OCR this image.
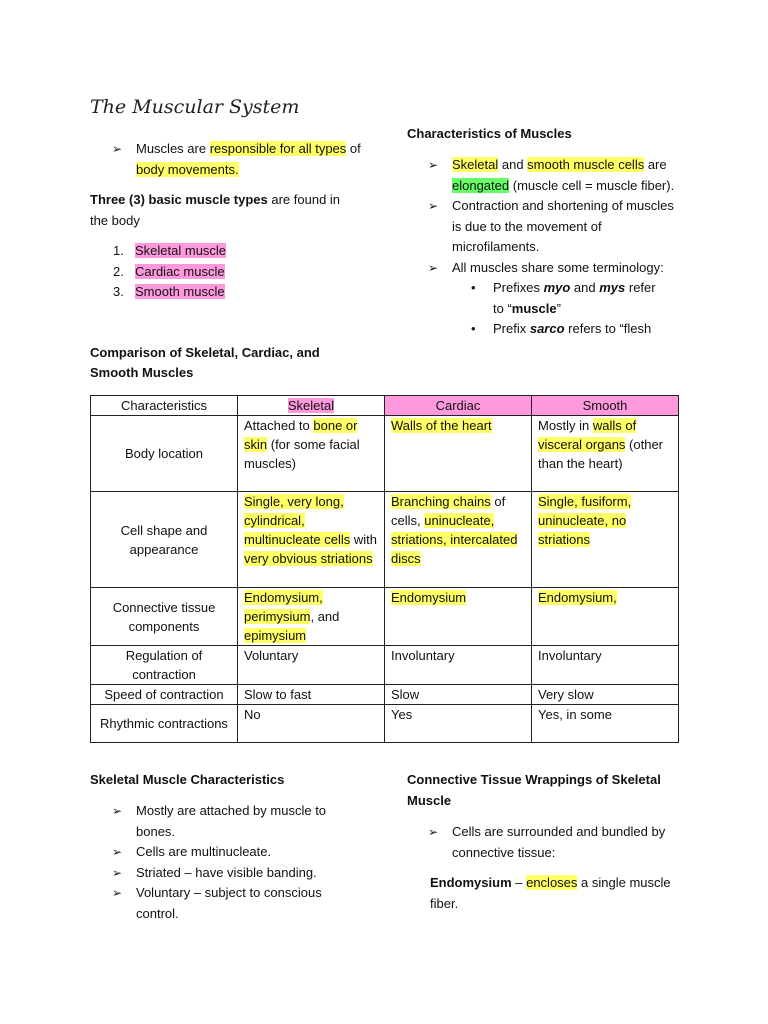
The Muscular System
➢ Muscles are responsible for all types of body movements.
Three (3) basic muscle types are found in the body
1. Skeletal muscle
2. Cardiac muscle
3. Smooth muscle
Characteristics of Muscles
➢ Skeletal and smooth muscle cells are elongated (muscle cell = muscle fiber).
➢ Contraction and shortening of muscles is due to the movement of microfilaments.
➢ All muscles share some terminology:
• Prefixes myo and mys refer to “muscle”
• Prefix sarco refers to “flesh
Comparison of Skeletal, Cardiac, and Smooth Muscles
Characteristics	Skeletal	Cardiac	Smooth
Body location	Attached to bone or skin (for some facial muscles)	Walls of the heart	Mostly in walls of visceral organs (other than the heart)
Cell shape and appearance	Single, very long, cylindrical, multinucleate cells with very obvious striations	Branching chains of cells, uninucleate, striations, intercalated discs	Single, fusiform, uninucleate, no striations
Connective tissue components	Endomysium, perimysium, and epimysium	Endomysium	Endomysium,
Regulation of contraction	Voluntary	Involuntary	Involuntary
Speed of contraction	Slow to fast	Slow	Very slow
Rhythmic contractions	No	Yes	Yes, in some
Skeletal Muscle Characteristics
➢ Mostly are attached by muscle to bones.
➢ Cells are multinucleate.
➢ Striated – have visible banding.
➢ Voluntary – subject to conscious control.
Connective Tissue Wrappings of Skeletal Muscle
➢ Cells are surrounded and bundled by connective tissue:
Endomysium – encloses a single muscle fiber.
